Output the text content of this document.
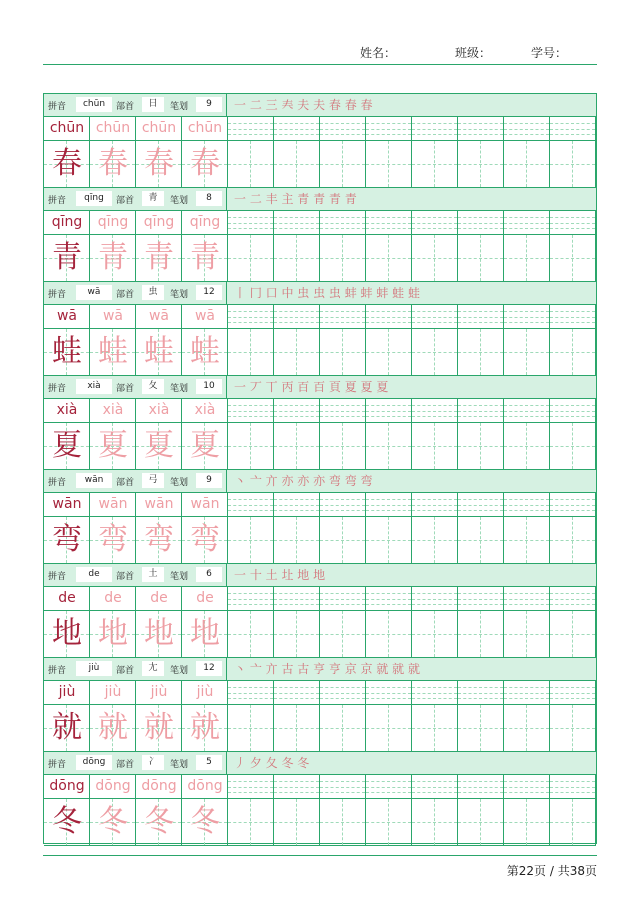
姓名：	班级：	学号：
拼音	chūn	部首	日	笔划	9	一 二 三 𡗗 夫 夫 春 春 春
chūn chūn chūn chūn
春 春 春 春
拼音	qīng	部首	青	笔划	8	一 二 丰 主 青 青 青 青
qīng	qīng	qīng	qīng
青 青 青 青
拼音	wā	部首	虫	笔划	12	丨 冂 口 中 虫 虫 虫 蚌 蚌 蚌 蛙 蛙
wā	wā	wā	wā
蛙 蛙 蛙 蛙
拼音	xià	部首	夂	笔划	10	一 丆 丅 丙 百 百 頁 夏 夏 夏
xià	xià	xià	xià
夏 夏 夏 夏
拼音	wān	部首	弓	笔划	9	丶 亠 亣 亦 亦 亦 弯 弯 弯
wān	wān	wān	wān
弯 弯 弯 弯
拼音	de	部首	土	笔划	6	一 十 土 圵 地 地
de	de	de	de
地 地 地 地
拼音	jiù	部首	尢	笔划	12	丶 亠 亣 古 古 亨 亨 京 京 就 就 就
jiù	jiù	jiù	jiù
就 就 就 就
拼音	dōng	部首	冫	笔划	5	丿 夕 夂 冬 冬
dōng dōng dōng dōng
冬 冬 冬 冬
第22页 / 共38页
